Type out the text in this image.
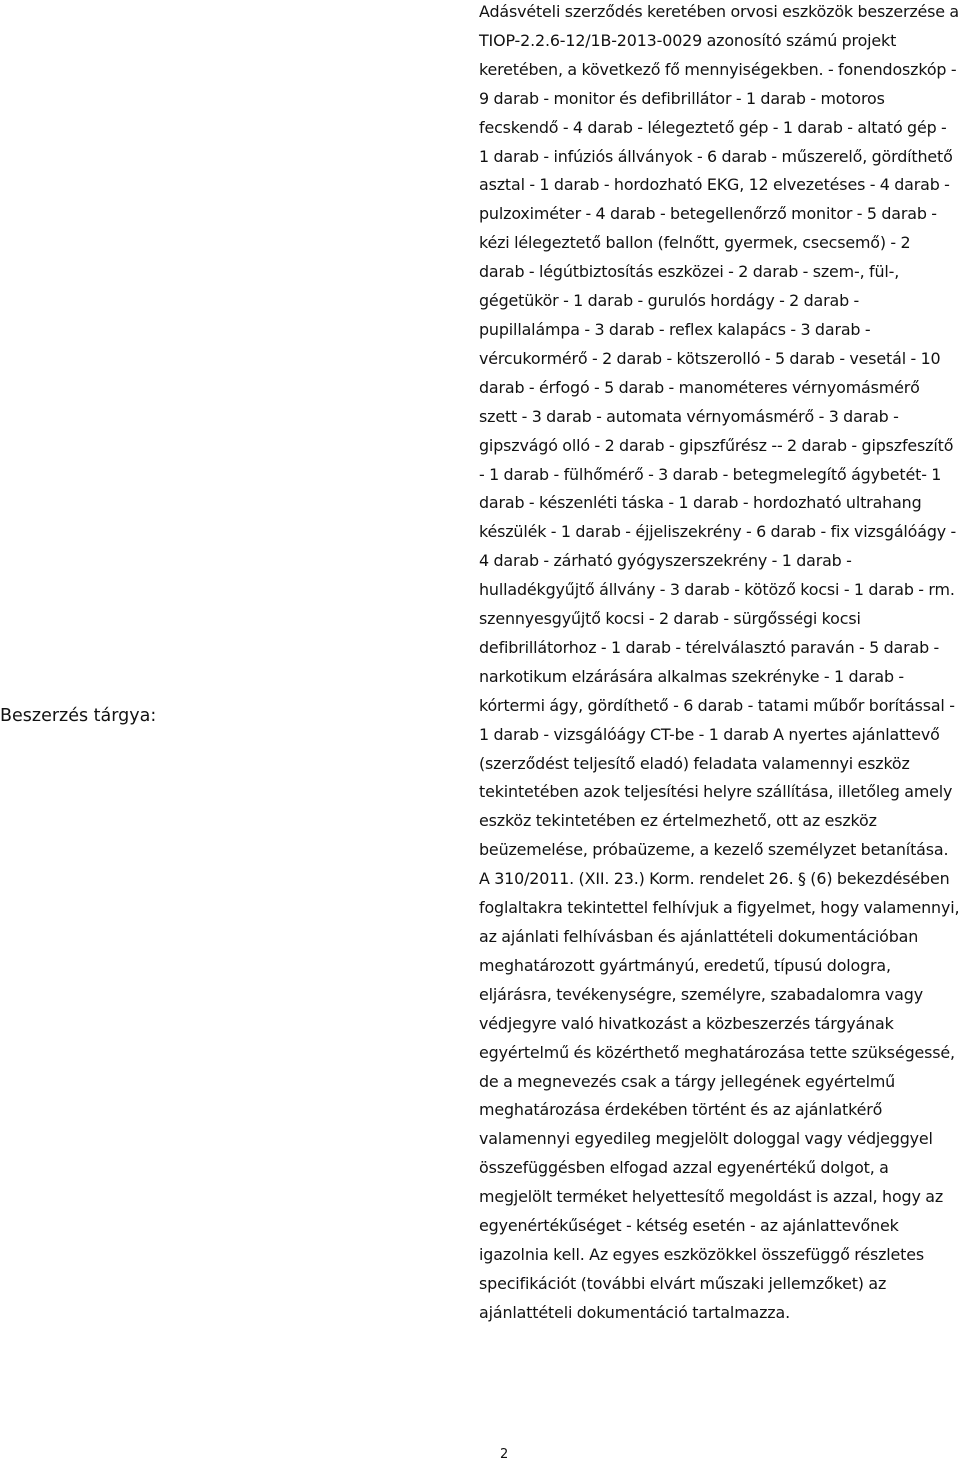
Beszerzés tárgya:

Adásvételi szerződés keretében orvosi eszközök beszerzése a TIOP-2.2.6-12/1B-2013-0029 azonosító számú projekt keretében, a következő fő mennyiségekben. - fonendoszkóp - 9 darab - monitor és defibrillátor - 1 darab - motoros fecskendő - 4 darab - lélegeztető gép - 1 darab - altató gép - 1 darab - infúziós állványok - 6 darab - műszerelő, gördíthető asztal - 1 darab - hordozható EKG, 12 elvezetéses - 4 darab - pulzoximéter - 4 darab - betegellenőrző monitor - 5 darab - kézi lélegeztető ballon (felnőtt, gyermek, csecsemő) - 2 darab - légútbiztosítás eszközei - 2 darab - szem-, fül-, gégetükör - 1 darab - gurulós hordágy - 2 darab - pupillalámpa - 3 darab - reflex kalapács - 3 darab - vércukormérő - 2 darab - kötszerolló - 5 darab - vesetál - 10 darab - érfogó - 5 darab - manométeres vérnyomásmérő szett - 3 darab - automata vérnyomásmérő - 3 darab - gipszvágó olló - 2 darab - gipszfűrész -- 2 darab - gipszfeszítő - 1 darab - fülhőmérő - 3 darab - betegmelegítő ágybetét- 1 darab - készenléti táska - 1 darab - hordozható ultrahang készülék - 1 darab - éjjeliszekrény - 6 darab - fix vizsgálóágy - 4 darab - zárható gyógyszerszekrény - 1 darab - hulladékgyűjtő állvány - 3 darab - kötöző kocsi - 1 darab - rm. szennyesgyűjtő kocsi - 2 darab - sürgősségi kocsi defibrillátorhoz - 1 darab - térelválasztó paraván - 5 darab - narkotikum elzárására alkalmas szekrényke - 1 darab - kórtermi ágy, gördíthető - 6 darab - tatami műbőr borítással - 1 darab - vizsgálóágy CT-be - 1 darab A nyertes ajánlattevő (szerződést teljesítő eladó) feladata valamennyi eszköz tekintetében azok teljesítési helyre szállítása, illetőleg amely eszköz tekintetében ez értelmezhető, ott az eszköz beüzemelése, próbaüzeme, a kezelő személyzet betanítása. A 310/2011. (XII. 23.) Korm. rendelet 26. § (6) bekezdésében foglaltakra tekintettel felhívjuk a figyelmet, hogy valamennyi, az ajánlati felhívásban és ajánlattételi dokumentációban meghatározott gyártmányú, eredetű, típusú dologra, eljárásra, tevékenységre, személyre, szabadalomra vagy védjegyre való hivatkozást a közbeszerzés tárgyának egyértelmű és közérthető meghatározása tette szükségessé, de a megnevezés csak a tárgy jellegének egyértelmű meghatározása érdekében történt és az ajánlatkérő valamennyi egyedileg megjelölt dologgal vagy védjeggyel összefüggésben elfogad azzal egyenértékű dolgot, a megjelölt terméket helyettesítő megoldást is azzal, hogy az egyenértékűséget - kétség esetén - az ajánlattevőnek igazolnia kell. Az egyes eszközökkel összefüggő részletes specifikációt (további elvárt műszaki jellemzőket) az ajánlattételi dokumentáció tartalmazza.

2
